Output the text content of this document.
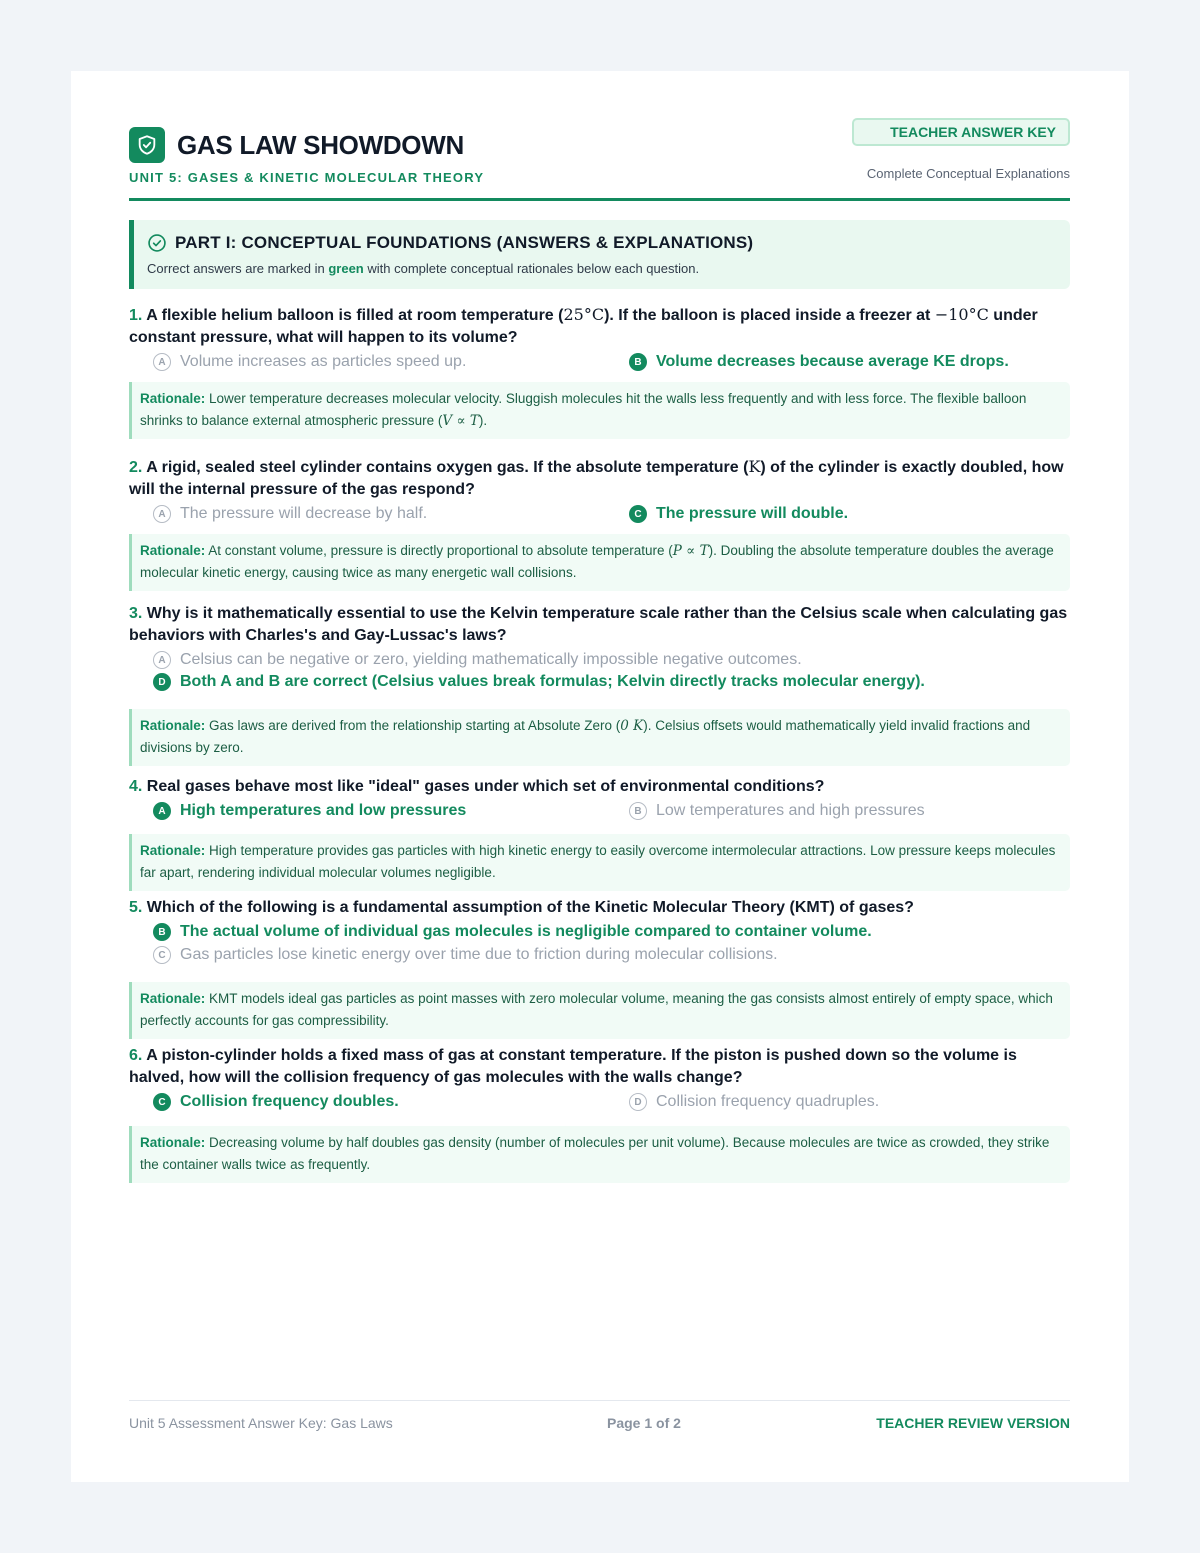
GAS LAW SHOWDOWN
UNIT 5: GASES & KINETIC MOLECULAR THEORY
TEACHER ANSWER KEY
Complete Conceptual Explanations
PART I: CONCEPTUAL FOUNDATIONS (ANSWERS & EXPLANATIONS)
Correct answers are marked in green with complete conceptual rationales below each question.
1. A flexible helium balloon is filled at room temperature (25°C). If the balloon is placed inside a freezer at −10°C under constant pressure, what will happen to its volume?
A Volume increases as particles speed up.	B Volume decreases because average KE drops.
Rationale: Lower temperature decreases molecular velocity. Sluggish molecules hit the walls less frequently and with less force. The flexible balloon shrinks to balance external atmospheric pressure (V ∝ T).
2. A rigid, sealed steel cylinder contains oxygen gas. If the absolute temperature (K) of the cylinder is exactly doubled, how will the internal pressure of the gas respond?
A The pressure will decrease by half.	C The pressure will double.
Rationale: At constant volume, pressure is directly proportional to absolute temperature (P ∝ T). Doubling the absolute temperature doubles the average molecular kinetic energy, causing twice as many energetic wall collisions.
3. Why is it mathematically essential to use the Kelvin temperature scale rather than the Celsius scale when calculating gas behaviors with Charles's and Gay-Lussac's laws?
A Celsius can be negative or zero, yielding mathematically impossible negative outcomes.
D Both A and B are correct (Celsius values break formulas; Kelvin directly tracks molecular energy).
Rationale: Gas laws are derived from the relationship starting at Absolute Zero (0 K). Celsius offsets would mathematically yield invalid fractions and divisions by zero.
4. Real gases behave most like "ideal" gases under which set of environmental conditions?
A High temperatures and low pressures	B Low temperatures and high pressures
Rationale: High temperature provides gas particles with high kinetic energy to easily overcome intermolecular attractions. Low pressure keeps molecules far apart, rendering individual molecular volumes negligible.
5. Which of the following is a fundamental assumption of the Kinetic Molecular Theory (KMT) of gases?
B The actual volume of individual gas molecules is negligible compared to container volume.
C Gas particles lose kinetic energy over time due to friction during molecular collisions.
Rationale: KMT models ideal gas particles as point masses with zero molecular volume, meaning the gas consists almost entirely of empty space, which perfectly accounts for gas compressibility.
6. A piston-cylinder holds a fixed mass of gas at constant temperature. If the piston is pushed down so the volume is halved, how will the collision frequency of gas molecules with the walls change?
C Collision frequency doubles.	D Collision frequency quadruples.
Rationale: Decreasing volume by half doubles gas density (number of molecules per unit volume). Because molecules are twice as crowded, they strike the container walls twice as frequently.
Unit 5 Assessment Answer Key: Gas Laws	Page 1 of 2	TEACHER REVIEW VERSION
